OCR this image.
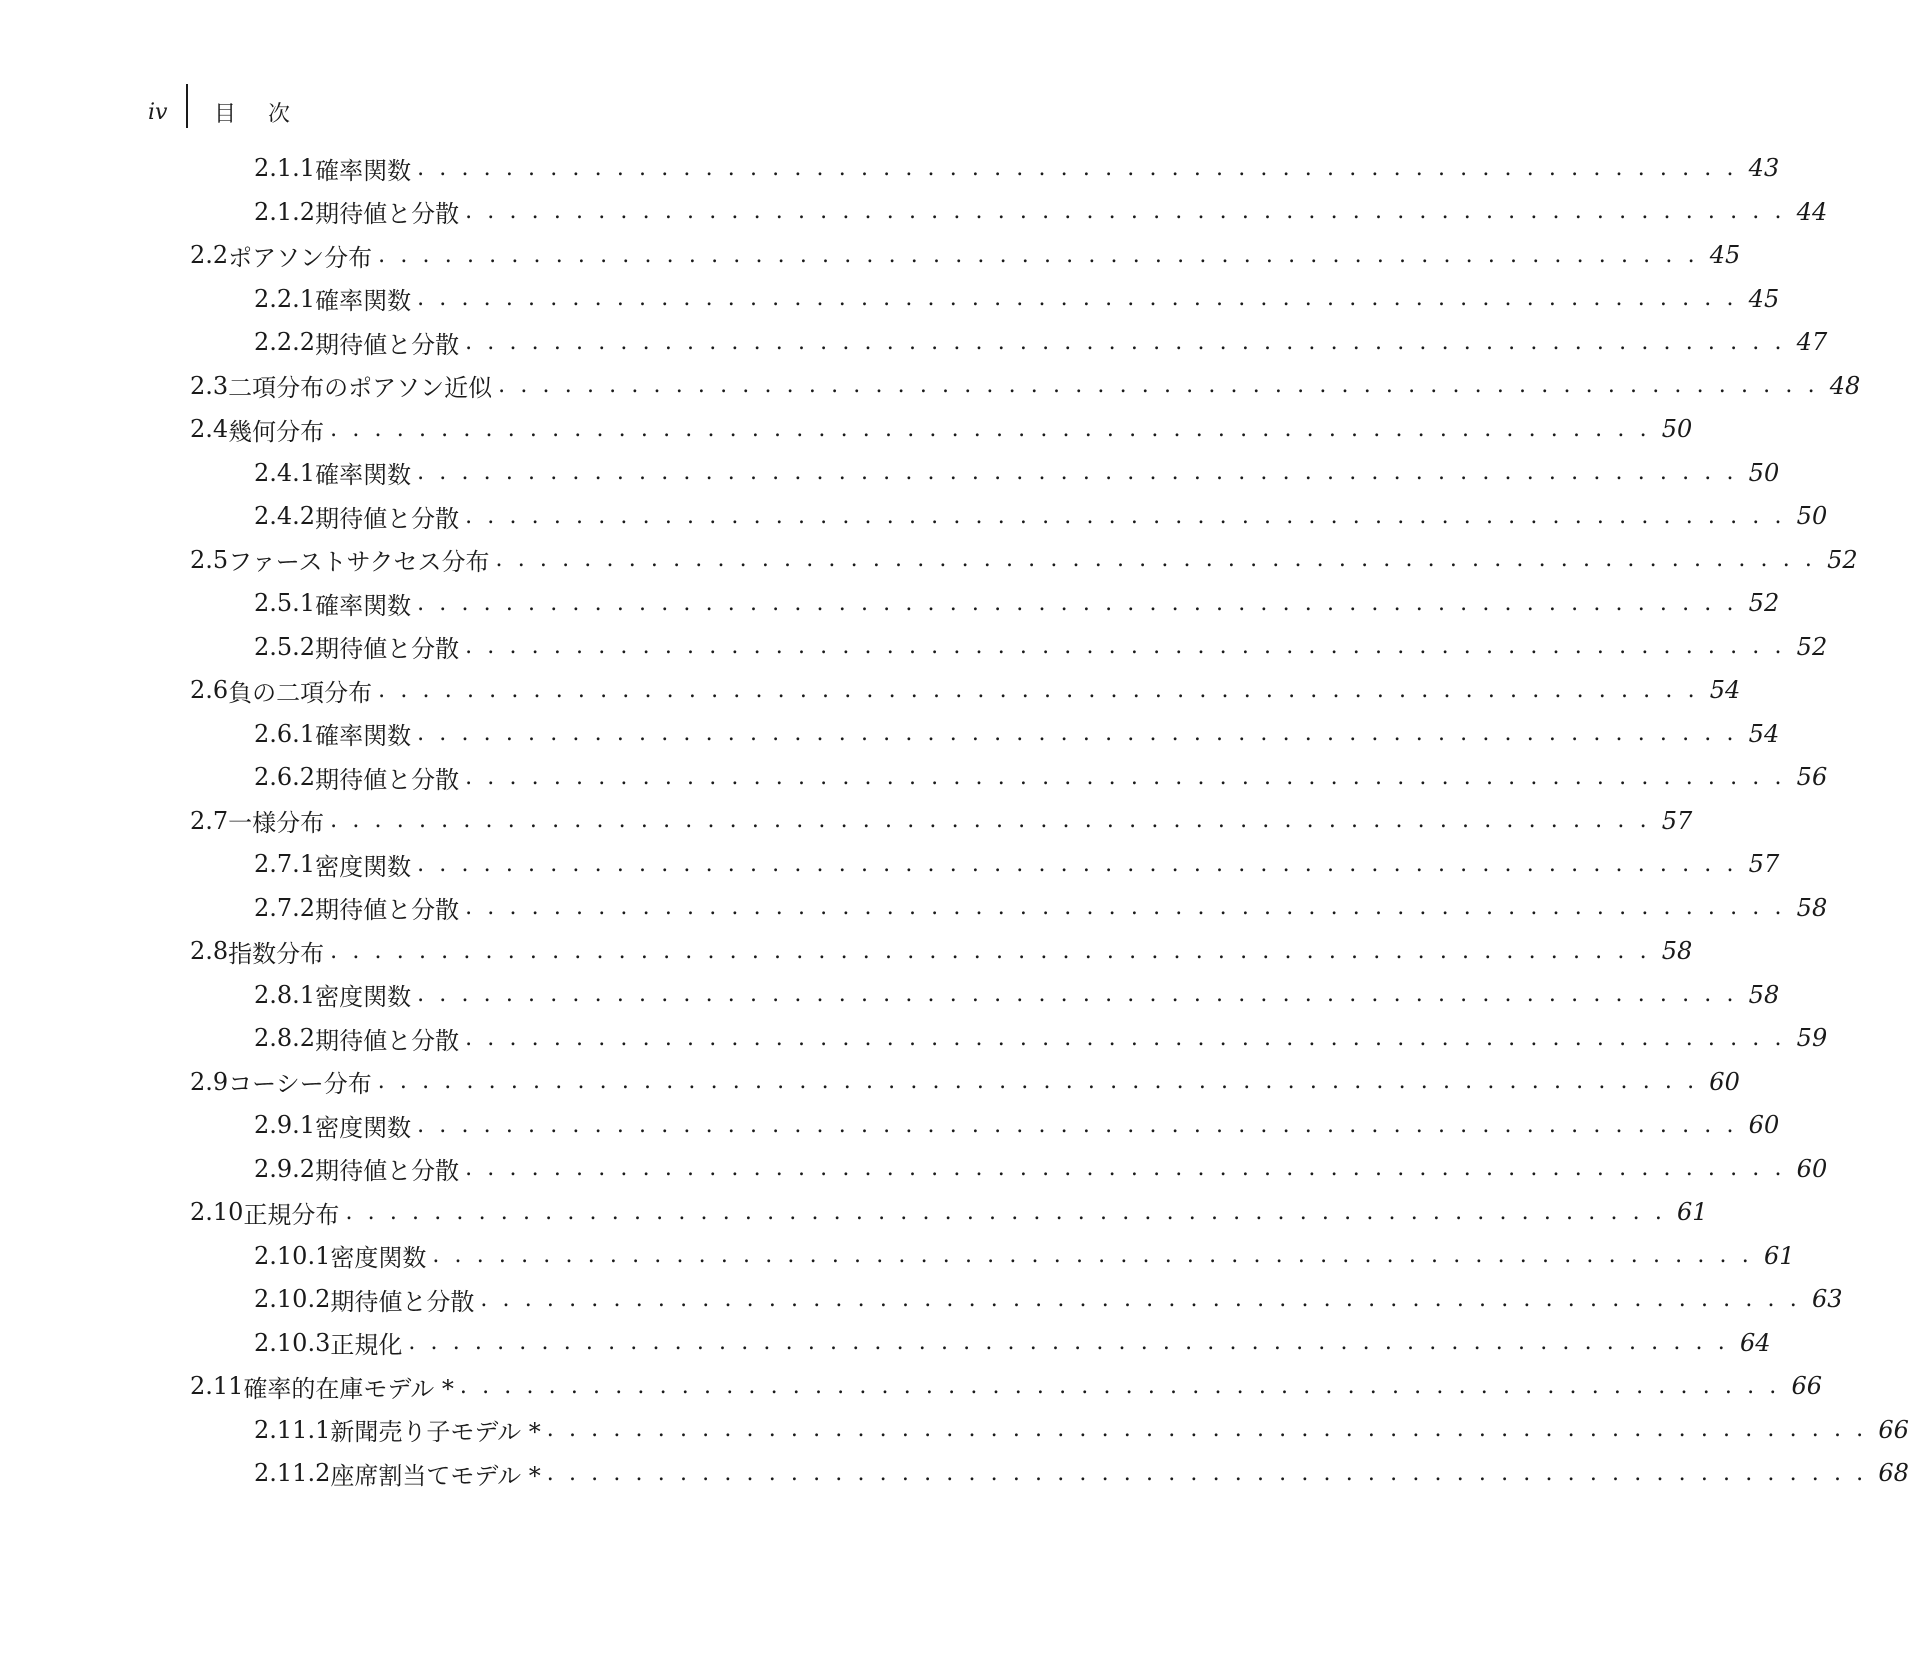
iv	目次
2.1.1 確率関数 ............................................................ 43
2.1.2 期待値と分散 ............................................................ 44
2.2 ポアソン分布 ............................................................ 45
2.2.1 確率関数 ............................................................ 45
2.2.2 期待値と分散 ............................................................ 47
2.3 二項分布のポアソン近似 ............................................................ 48
2.4 幾何分布 ............................................................ 50
2.4.1 確率関数 ............................................................ 50
2.4.2 期待値と分散 ............................................................ 50
2.5 ファーストサクセス分布 ............................................................ 52
2.5.1 確率関数 ............................................................ 52
2.5.2 期待値と分散 ............................................................ 52
2.6 負の二項分布 ............................................................ 54
2.6.1 確率関数 ............................................................ 54
2.6.2 期待値と分散 ............................................................ 56
2.7 一様分布 ............................................................ 57
2.7.1 密度関数 ............................................................ 57
2.7.2 期待値と分散 ............................................................ 58
2.8 指数分布 ............................................................ 58
2.8.1 密度関数 ............................................................ 58
2.8.2 期待値と分散 ............................................................ 59
2.9 コーシー分布 ............................................................ 60
2.9.1 密度関数 ............................................................ 60
2.9.2 期待値と分散 ............................................................ 60
2.10 正規分布 ............................................................ 61
2.10.1 密度関数 ............................................................ 61
2.10.2 期待値と分散 ............................................................ 63
2.10.3 正規化 ............................................................ 64
2.11 確率的在庫モデル * ............................................................ 66
2.11.1 新聞売り子モデル * ............................................................ 66
2.11.2 座席割当てモデル * ............................................................ 68
